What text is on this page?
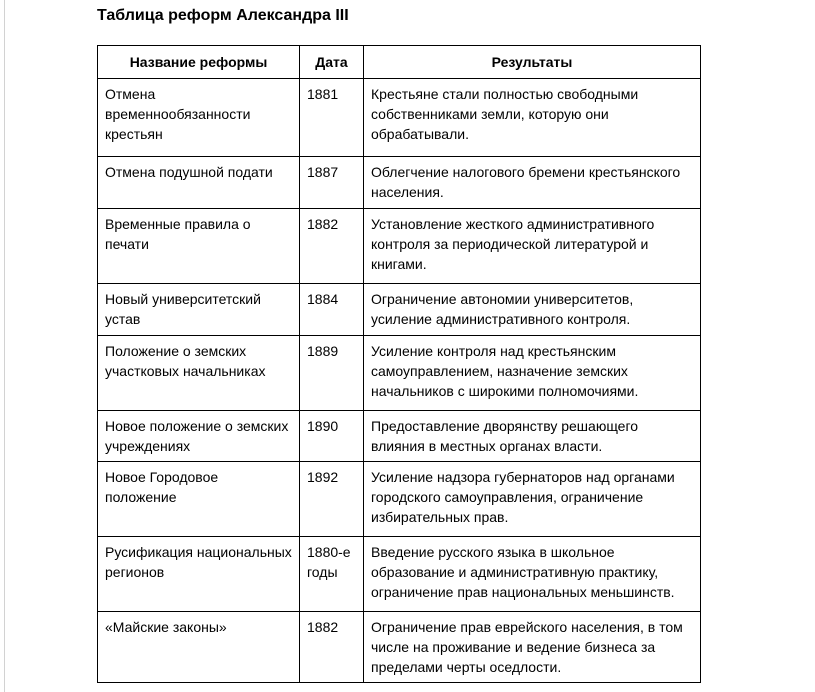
Таблица реформ Александра III
Название реформы	Дата	Результаты
Отмена временнообязанности крестьян	1881	Крестьяне стали полностью свободными собственниками земли, которую они обрабатывали.
Отмена подушной подати	1887	Облегчение налогового бремени крестьянского населения.
Временные правила о печати	1882	Установление жесткого административного контроля за периодической литературой и книгами.
Новый университетский устав	1884	Ограничение автономии университетов, усиление административного контроля.
Положение о земских участковых начальниках	1889	Усиление контроля над крестьянским самоуправлением, назначение земских начальников с широкими полномочиями.
Новое положение о земских учреждениях	1890	Предоставление дворянству решающего влияния в местных органах власти.
Новое Городовое положение	1892	Усиление надзора губернаторов над органами городского самоуправления, ограничение избирательных прав.
Русификация национальных регионов	1880-е годы	Введение русского языка в школьное образование и административную практику, ограничение прав национальных меньшинств.
«Майские законы»	1882	Ограничение прав еврейского населения, в том числе на проживание и ведение бизнеса за пределами черты оседлости.
